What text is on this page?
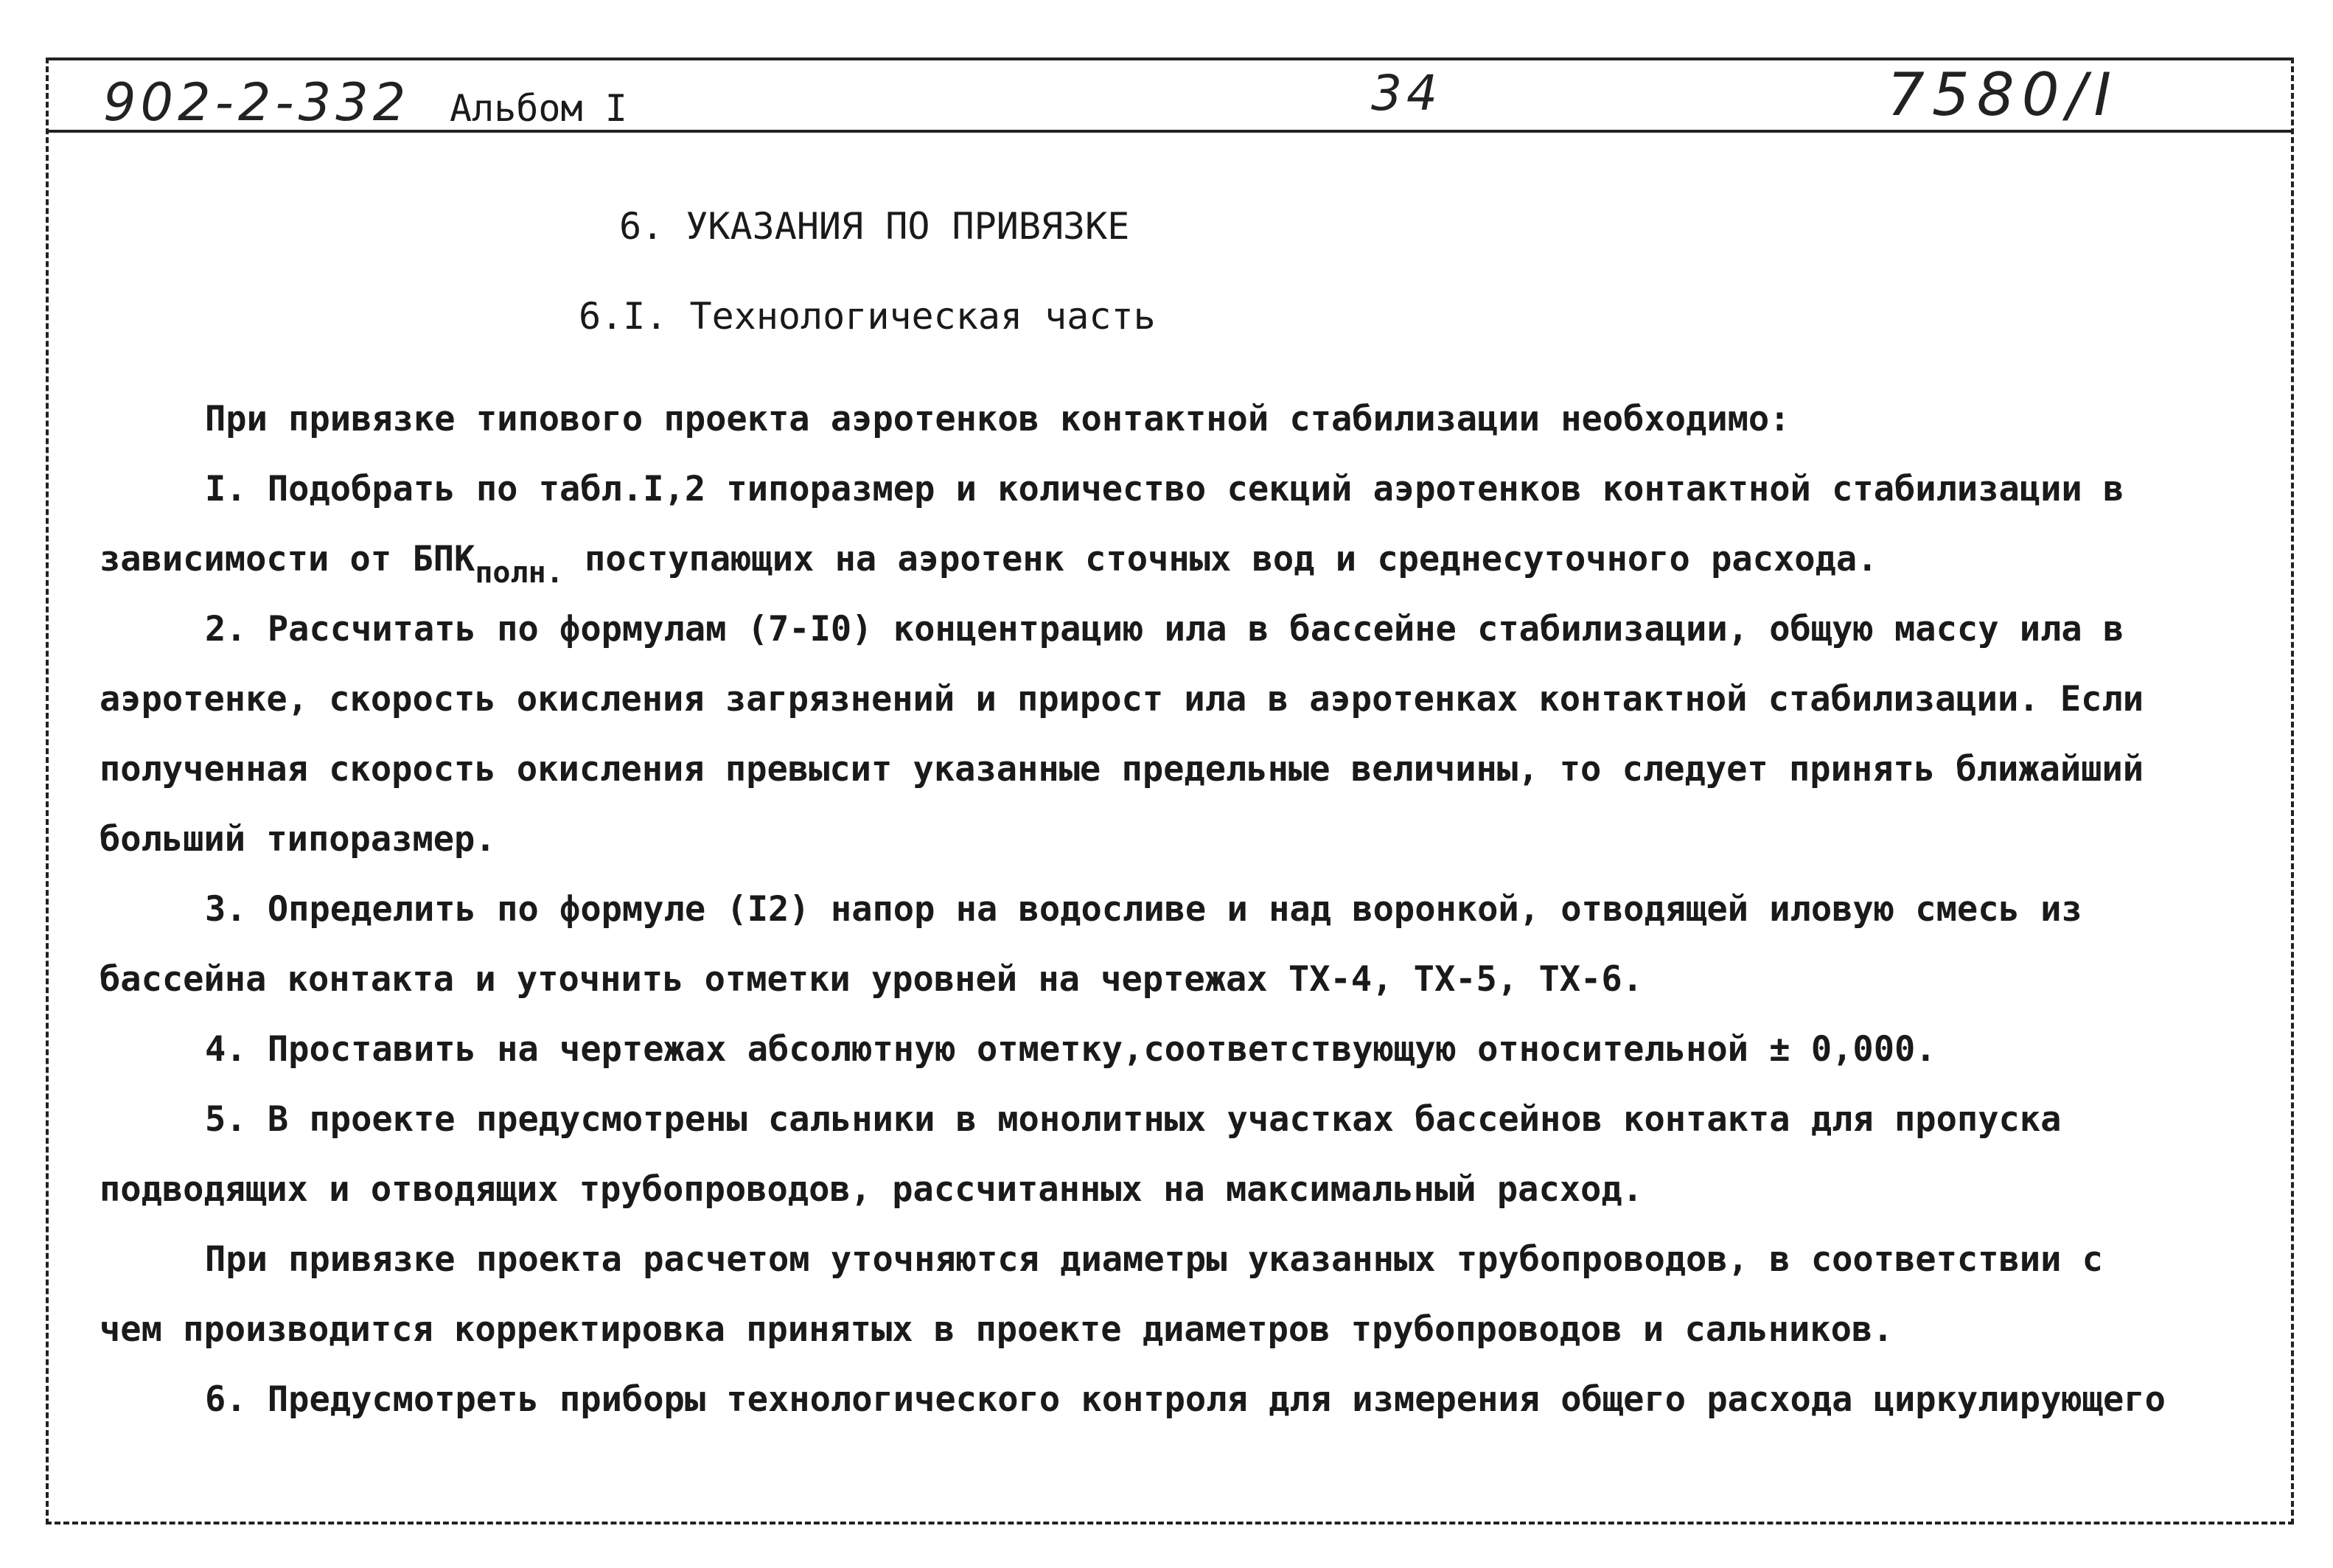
902-2-332 Альбом I	34	7580/I
6. УКАЗАНИЯ ПО ПРИВЯЗКЕ
6.I. Технологическая часть
При привязке типового проекта аэротенков контактной стабилизации необходимо:
I. Подобрать по табл.I,2 типоразмер и количество секций аэротенков контактной стабилизации в
зависимости от БПКполн. поступающих на аэротенк сточных вод и среднесуточного расхода.
2. Рассчитать по формулам (7-I0) концентрацию ила в бассейне стабилизации, общую массу ила в
аэротенке, скорость окисления загрязнений и прирост ила в аэротенках контактной стабилизации. Если
полученная скорость окисления превысит указанные предельные величины, то следует принять ближайший
больший типоразмер.
3. Определить по формуле (I2) напор на водосливе и над воронкой, отводящей иловую смесь из
бассейна контакта и уточнить отметки уровней на чертежах ТХ-4, ТХ-5, ТХ-6.
4. Проставить на чертежах абсолютную отметку,соответствующую относительной ± 0,000.
5. В проекте предусмотрены сальники в монолитных участках бассейнов контакта для пропуска
подводящих и отводящих трубопроводов, рассчитанных на максимальный расход.
При привязке проекта расчетом уточняются диаметры указанных трубопроводов, в соответствии с
чем производится корректировка принятых в проекте диаметров трубопроводов и сальников.
6. Предусмотреть приборы технологического контроля для измерения общего расхода циркулирующего
